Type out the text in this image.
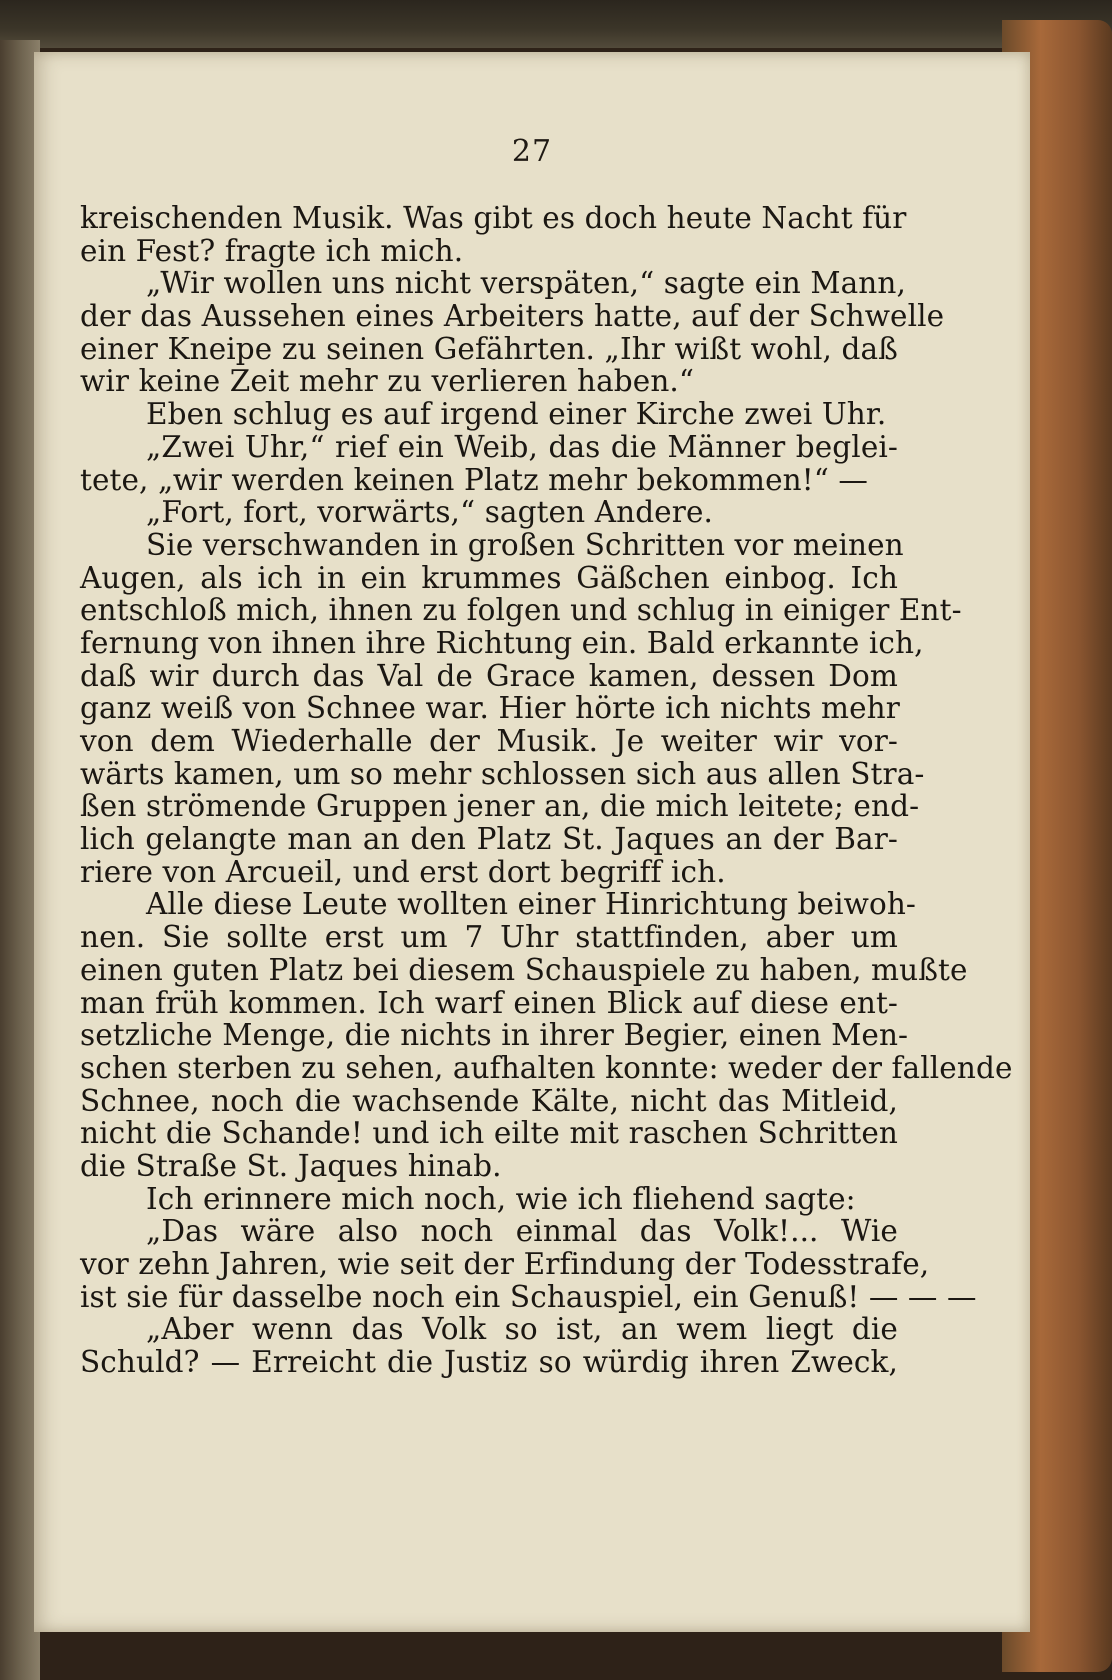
27
kreischenden Musik. Was gibt es doch heute Nacht für
ein Fest? fragte ich mich.
„Wir wollen uns nicht verspäten,“ sagte ein Mann,
der das Aussehen eines Arbeiters hatte, auf der Schwelle
einer Kneipe zu seinen Gefährten. „Ihr wißt wohl, daß
wir keine Zeit mehr zu verlieren haben.“
Eben schlug es auf irgend einer Kirche zwei Uhr.
„Zwei Uhr,“ rief ein Weib, das die Männer beglei-
tete, „wir werden keinen Platz mehr bekommen!“ —
„Fort, fort, vorwärts,“ sagten Andere.
Sie verschwanden in großen Schritten vor meinen
Augen, als ich in ein krummes Gäßchen einbog. Ich
entschloß mich, ihnen zu folgen und schlug in einiger Ent-
fernung von ihnen ihre Richtung ein. Bald erkannte ich,
daß wir durch das Val de Grace kamen, dessen Dom
ganz weiß von Schnee war. Hier hörte ich nichts mehr
von dem Wiederhalle der Musik. Je weiter wir vor-
wärts kamen, um so mehr schlossen sich aus allen Stra-
ßen strömende Gruppen jener an, die mich leitete; end-
lich gelangte man an den Platz St. Jaques an der Bar-
riere von Arcueil, und erst dort begriff ich.
Alle diese Leute wollten einer Hinrichtung beiwoh-
nen. Sie sollte erst um 7 Uhr stattfinden, aber um
einen guten Platz bei diesem Schauspiele zu haben, mußte
man früh kommen. Ich warf einen Blick auf diese ent-
setzliche Menge, die nichts in ihrer Begier, einen Men-
schen sterben zu sehen, aufhalten konnte: weder der fallende
Schnee, noch die wachsende Kälte, nicht das Mitleid,
nicht die Schande! und ich eilte mit raschen Schritten
die Straße St. Jaques hinab.
Ich erinnere mich noch, wie ich fliehend sagte:
„Das wäre also noch einmal das Volk!... Wie
vor zehn Jahren, wie seit der Erfindung der Todesstrafe,
ist sie für dasselbe noch ein Schauspiel, ein Genuß! — — —
„Aber wenn das Volk so ist, an wem liegt die
Schuld? — Erreicht die Justiz so würdig ihren Zweck,
